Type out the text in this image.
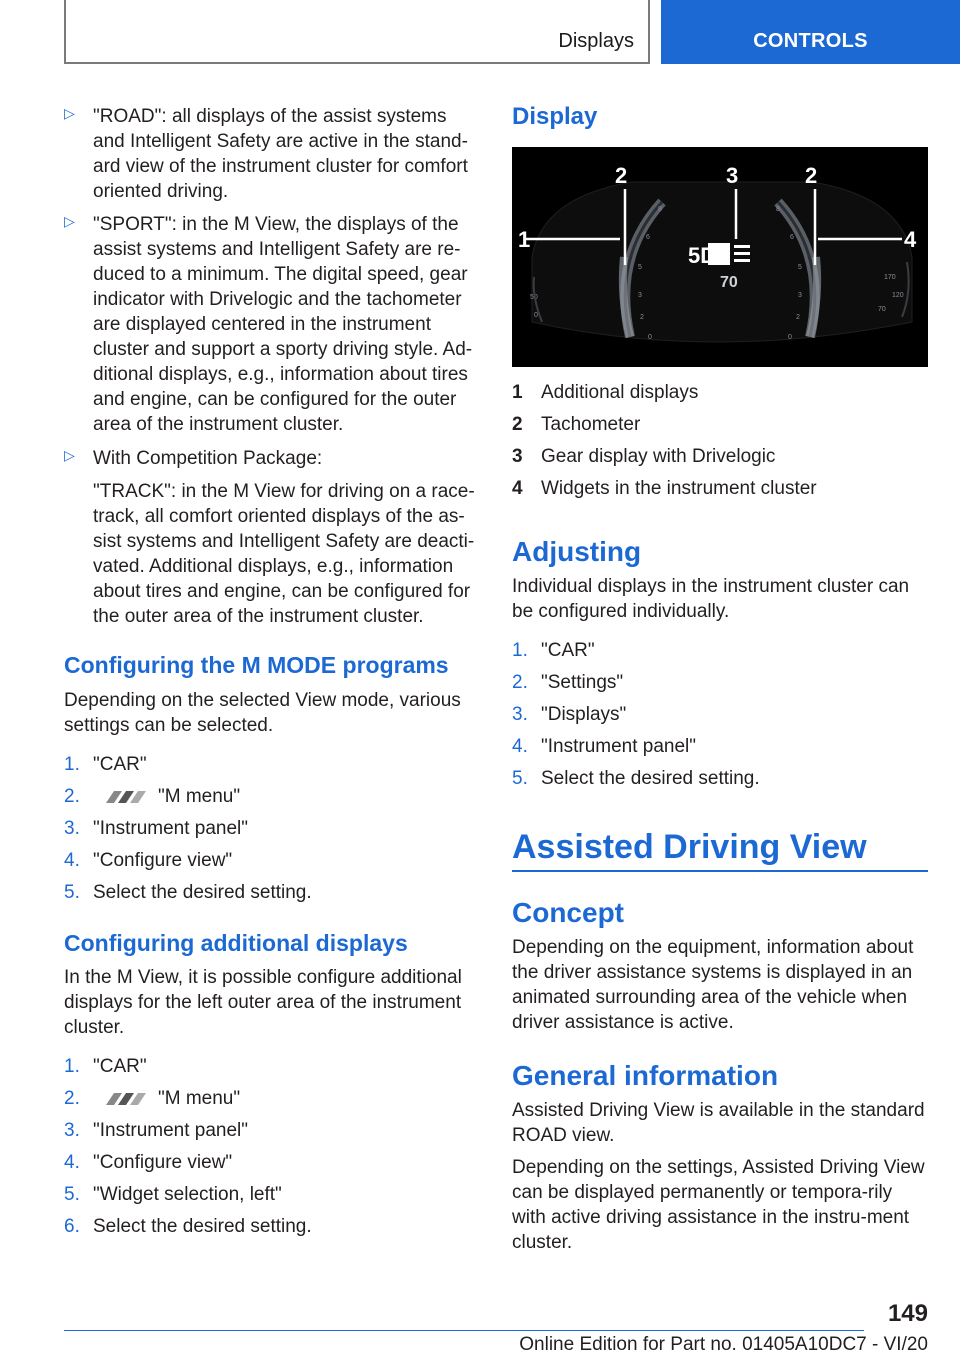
Displays	CONTROLS
▷ "ROAD": all displays of the assist systems and Intelligent Safety are active in the stand‐ard view of the instrument cluster for comfort oriented driving.
▷ "SPORT": in the M View, the displays of the assist systems and Intelligent Safety are re‐duced to a minimum. The digital speed, gear indicator with Drivelogic and the tachometer are displayed centered in the instrument cluster and support a sporty driving style. Ad‐ditional displays, e.g., information about tires and engine, can be configured for the outer area of the instrument cluster.
▷ With Competition Package:
"TRACK": in the M View for driving on a race‐track, all comfort oriented displays of the as‐sist systems and Intelligent Safety are deacti‐vated. Additional displays, e.g., information about tires and engine, can be configured for the outer area of the instrument cluster.
Configuring the M MODE programs
Depending on the selected View mode, various settings can be selected.
1. "CAR"
2.	"M menu"
3. "Instrument panel"
4. "Configure view"
5. Select the desired setting.
Configuring additional displays
In the M View, it is possible configure additional displays for the left outer area of the instrument cluster.
1. "CAR"
2.	"M menu"
3. "Instrument panel"
4. "Configure view"
5. "Widget selection, left"
6. Select the desired setting.
Display
8
6
5
3
2
0
8
6
5
3
2
0
170
120
70
50
0
1
2	3	2
4
5D
70
1 Additional displays
2 Tachometer
3 Gear display with Drivelogic
4 Widgets in the instrument cluster
Adjusting
Individual displays in the instrument cluster can be configured individually.
1. "CAR"
2. "Settings"
3. "Displays"
4. "Instrument panel"
5. Select the desired setting.
Assisted Driving View
Concept
Depending on the equipment, information about the driver assistance systems is displayed in an animated surrounding area of the vehicle when driver assistance is active.
General information
Assisted Driving View is available in the standard ROAD view.
Depending on the settings, Assisted Driving View can be displayed permanently or tempora‐rily with active driving assistance in the instru‐ment cluster.
149
Online Edition for Part no. 01405A10DC7 - VI/20
